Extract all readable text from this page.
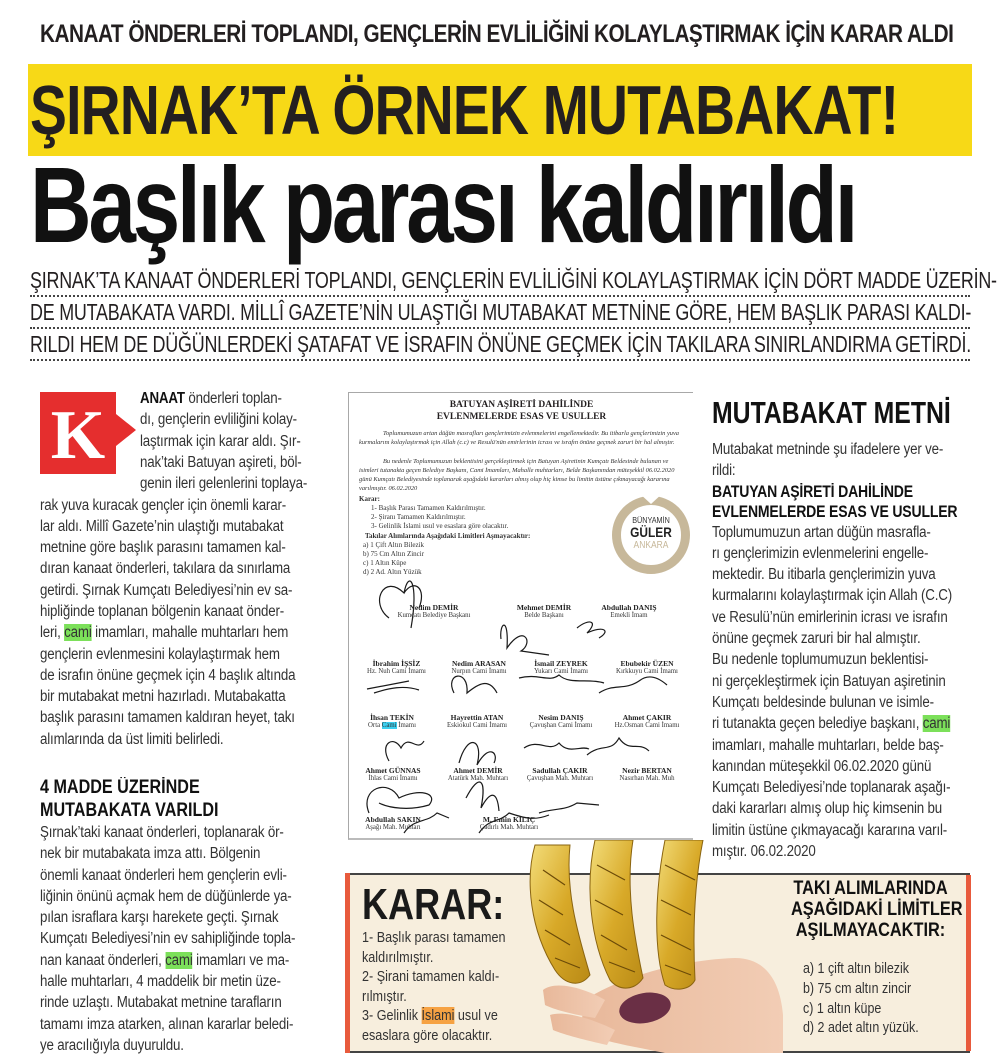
KANAAT ÖNDERLERİ TOPLANDI, GENÇLERİN EVLİLİĞİNİ KOLAYLAŞTIRMAK İÇİN KARAR ALDI
ŞIRNAK’TA ÖRNEK MUTABAKAT!
Başlık parası kaldırıldı
ŞIRNAK’TA KANAAT ÖNDERLERİ TOPLANDI, GENÇLERİN EVLİLİĞİNİ KOLAYLAŞTIRMAK İÇİN DÖRT MADDE ÜZERİN-
DE MUTABAKATA VARDI. MİLLÎ GAZETE’NİN ULAŞTIĞI MUTABAKAT METNİNE GÖRE, HEM BAŞLIK PARASI KALDI-
RILDI HEM DE DÜĞÜNLERDEKİ ŞATAFAT VE İSRAFIN ÖNÜNE GEÇMEK İÇİN TAKILARA SINIRLANDIRMA GETİRDİ.
K ANAAT önderleri toplan-
dı, gençlerin evliliğini kolay-
laştırmak için karar aldı. Şır-
nak’taki Batuyan aşireti, böl-
genin ileri gelenlerini toplaya-
rak yuva kuracak gençler için önemli karar-
lar aldı. Millî Gazete’nin ulaştığı mutabakat
metnine göre başlık parasını tamamen kal-
dıran kanaat önderleri, takılara da sınırlama
getirdi. Şırnak Kumçatı Belediyesi’nin ev sa-
hipliğinde toplanan bölgenin kanaat önder-
leri, cami imamları, mahalle muhtarları hem
gençlerin evlenmesini kolaylaştırmak hem
de israfın önüne geçmek için 4 başlık altında
bir mutabakat metni hazırladı. Mutabakatta
başlık parasını tamamen kaldıran heyet, takı
alımlarında da üst limiti belirledi.
4 MADDE ÜZERİNDE
MUTABAKATA VARILDI
Şırnak’taki kanaat önderleri, toplanarak ör-
nek bir mutabakata imza attı. Bölgenin
önemli kanaat önderleri hem gençlerin evli-
liğinin önünü açmak hem de düğünlerde ya-
pılan israflara karşı harekete geçti. Şırnak
Kumçatı Belediyesi’nin ev sahipliğinde topla-
nan kanaat önderleri, cami imamları ve ma-
halle muhtarları, 4 maddelik bir metin üze-
rinde uzlaştı. Mutabakat metnine tarafların
tamamı imza atarken, alınan kararlar beledi-
ye aracılığıyla duyuruldu.
BATUYAN AŞİRETİ DAHİLİNDE
EVLENMELERDE ESAS VE USULLER
Toplumumuzun artan düğün masrafları gençlerimizin evlenmelerini engellemektedir. Bu itibarla gençlerimizin yuva kurmalarını kolaylaştırmak için Allah (c.c) ve Resulü'nün emirlerinin icrası ve israfın önüne geçmek zaruri bir hal almıştır.
Bu nedenle Toplumumuzun beklentisini gerçekleştirmek için Batuyan Aşiretinin Kumçatı Beldesinde bulunan ve isimleri tutanakta geçen Belediye Başkanı, Cami İmamları, Mahalle muhtarları, Belde Başkanından müteşekkil 06.02.2020 günü Kumçatı Belediyesinde toplanarak aşağıdaki kararları almış olup hiç kimse bu limitin üstüne çıkmayacağı kararına varılmıştır. 06.02.2020
Karar:
1- Başlık Parası Tamamen Kaldırılmıştır.
2- Şiranı Tamamen Kaldırılmıştır.
3- Gelinlik İslami usul ve esaslara göre olacaktır.
Takılar Alımlarında Aşağıdaki Limitleri Aşmayacaktır:
a) 1 Çift Altın Bilezik
b) 75 Cm Altın Zincir
c) 1 Altın Küpe
d) 2 Ad. Altın Yüzük
Nedim DEMİR
Kumçatı Belediye Başkanı
Mehmet DEMİR
Belde Başkanı
Abdullah DANIŞ
Emekli İmam
İbrahim İŞSİZ
Hz. Nuh Cami İmamı
Nedim ARASAN
Nurpın Cami İmamı
İsmail ZEYREK
Yukarı Cami İmamı
Ebubekir ÜZEN
Kırkkuyu Cami İmamı
İhsan TEKİN
Orta Cami İmamı
Hayrettin ATAN
Eskiokul Cami İmamı
Nesim DANIŞ
Çavuşhan Cami İmamı
Ahmet ÇAKIR
Hz.Osman Cami İmamı
Ahmet GÜNNAS
İhlas Cami İmamı
Ahmet DEMİR
Atatürk Mah. Muhtarı
Sadullah ÇAKIR
Çavuşhan Mah. Muhtarı
Nezir BERTAN
Nasırhan Mah. Muh
Abdullah SAKIN
Aşağı Mah. Muhtarı
M. Emin KILIÇ
Çadırlı Mah. Muhtarı
BÜNYAMİN
GÜLER
ANKARA
MUTABAKAT METNİ
Mutabakat metninde şu ifadelere yer ve-
rildi:
BATUYAN AŞİRETİ DAHİLİNDE
EVLENMELERDE ESAS VE USULLER
Toplumumuzun artan düğün masrafla-
rı gençlerimizin evlenmelerini engelle-
mektedir. Bu itibarla gençlerimizin yuva
kurmalarını kolaylaştırmak için Allah (C.C)
ve Resulü’nün emirlerinin icrası ve israfın
önüne geçmek zaruri bir hal almıştır.
Bu nedenle toplumumuzun beklentisi-
ni gerçekleştirmek için Batuyan aşiretinin
Kumçatı beldesinde bulunan ve isimle-
ri tutanakta geçen belediye başkanı, cami
imamları, mahalle muhtarları, belde baş-
kanından müteşekkil 06.02.2020 günü
Kumçatı Belediyesi’nde toplanarak aşağı-
daki kararları almış olup hiç kimsenin bu
limitin üstüne çıkmayacağı kararına varıl-
mıştır. 06.02.2020
KARAR:
1- Başlık parası tamamen
kaldırılmıştır.
2- Şirani tamamen kaldı-
rılmıştır.
3- Gelinlik İslami usul ve
esaslara göre olacaktır.
TAKI ALIMLARINDA
AŞAĞIDAKİ LİMİTLER
AŞILMAYACAKTIR:
a) 1 çift altın bilezik
b) 75 cm altın zincir
c) 1 altın küpe
d) 2 adet altın yüzük.
